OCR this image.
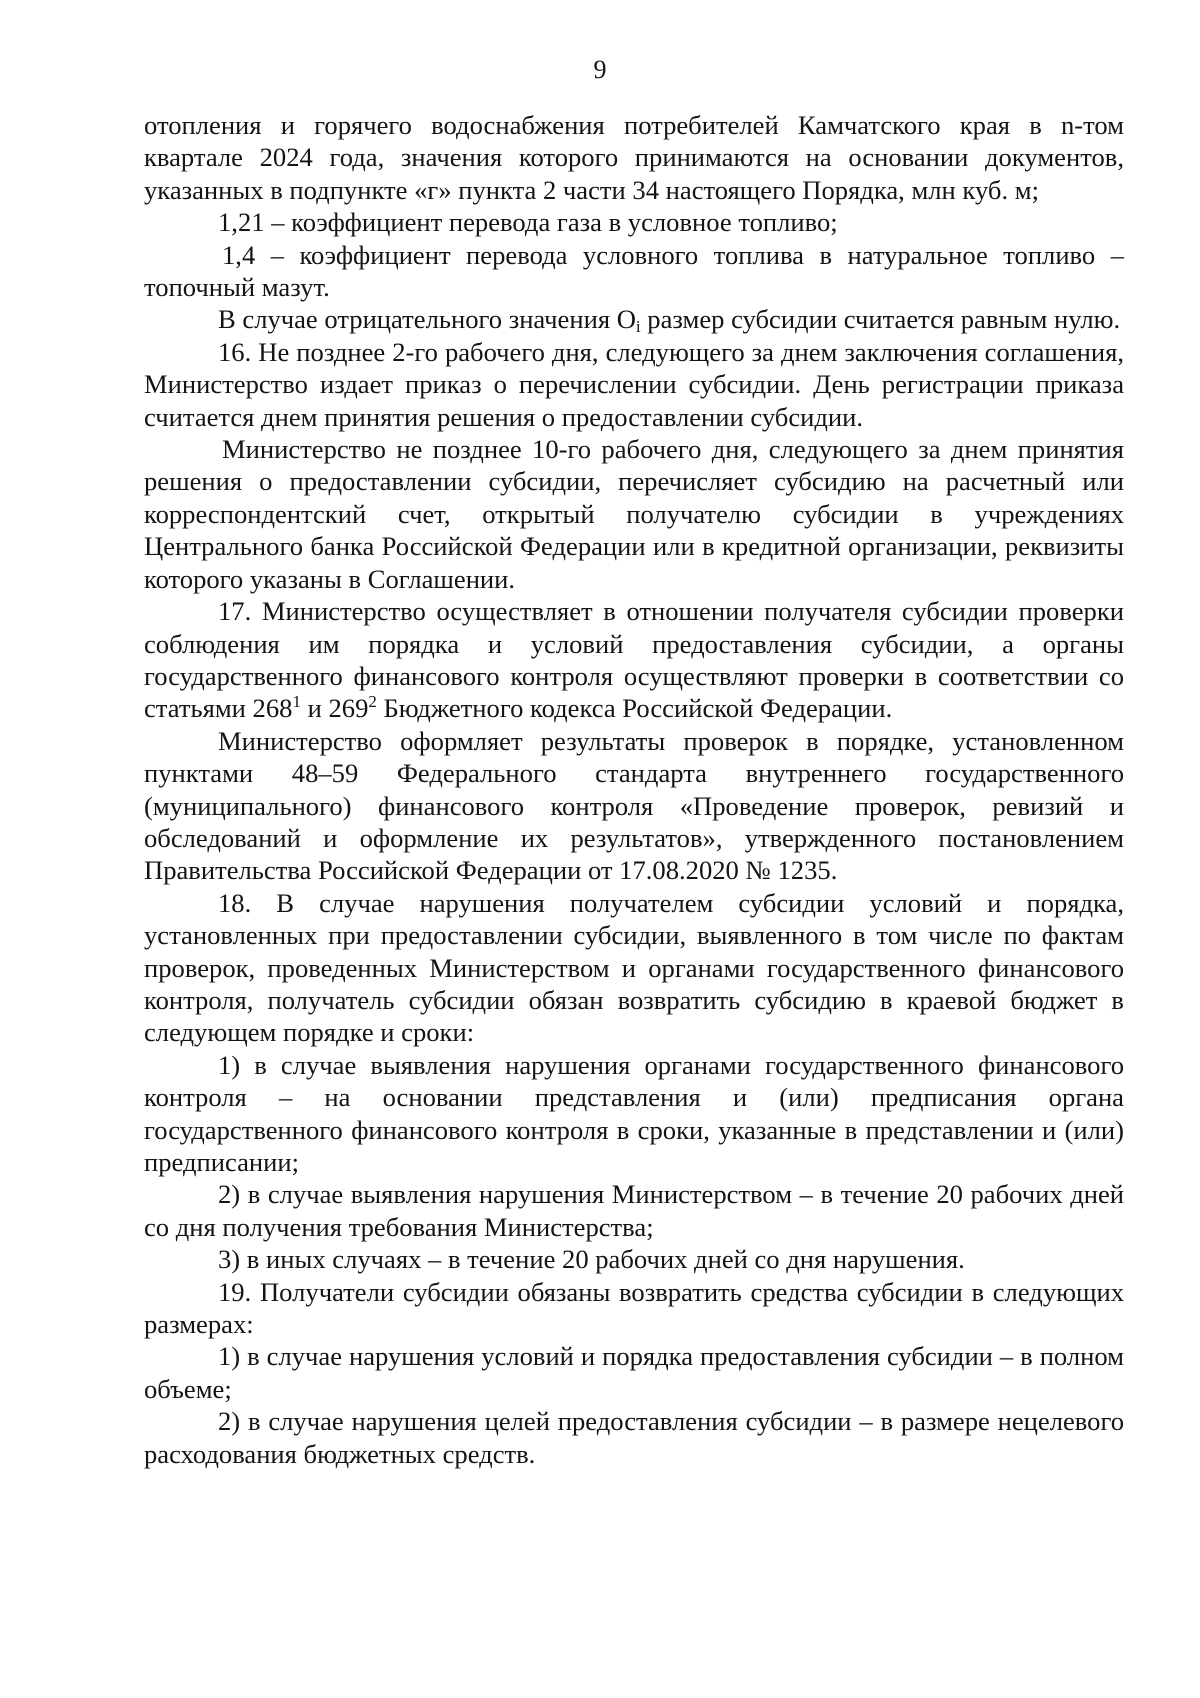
9

отопления и горячего водоснабжения потребителей Камчатского края в n-том квартале 2024 года, значения которого принимаются на основании документов, указанных в подпункте «г» пункта 2 части 34 настоящего Порядка, млн куб. м;

1,21 – коэффициент перевода газа в условное топливо;

1,4 – коэффициент перевода условного топлива в натуральное топливо – топочный мазут.

В случае отрицательного значения $O_i$ размер субсидии считается равным нулю.

16. Не позднее 2-го рабочего дня, следующего за днем заключения соглашения, Министерство издает приказ о перечислении субсидии. День регистрации приказа считается днем принятия решения о предоставлении субсидии.

Министерство не позднее 10-го рабочего дня, следующего за днем принятия решения о предоставлении субсидии, перечисляет субсидию на расчетный или корреспондентский счет, открытый получателю субсидии в учреждениях Центрального банка Российской Федерации или в кредитной организации, реквизиты которого указаны в Соглашении.

17. Министерство осуществляет в отношении получателя субсидии проверки соблюдения им порядка и условий предоставления субсидии, а органы государственного финансового контроля осуществляют проверки в соответствии со статьями $268^1$ и $269^2$ Бюджетного кодекса Российской Федерации.

Министерство оформляет результаты проверок в порядке, установленном пунктами 48–59 Федерального стандарта внутреннего государственного (муниципального) финансового контроля «Проведение проверок, ревизий и обследований и оформление их результатов», утвержденного постановлением Правительства Российской Федерации от 17.08.2020 № 1235.

18. В случае нарушения получателем субсидии условий и порядка, установленных при предоставлении субсидии, выявленного в том числе по фактам проверок, проведенных Министерством и органами государственного финансового контроля, получатель субсидии обязан возвратить субсидию в краевой бюджет в следующем порядке и сроки:

1) в случае выявления нарушения органами государственного финансового контроля – на основании представления и (или) предписания органа государственного финансового контроля в сроки, указанные в представлении и (или) предписании;

2) в случае выявления нарушения Министерством – в течение 20 рабочих дней со дня получения требования Министерства;

3) в иных случаях – в течение 20 рабочих дней со дня нарушения.

19. Получатели субсидии обязаны возвратить средства субсидии в следующих размерах:

1) в случае нарушения условий и порядка предоставления субсидии – в полном объеме;

2) в случае нарушения целей предоставления субсидии – в размере нецелевого расходования бюджетных средств.
